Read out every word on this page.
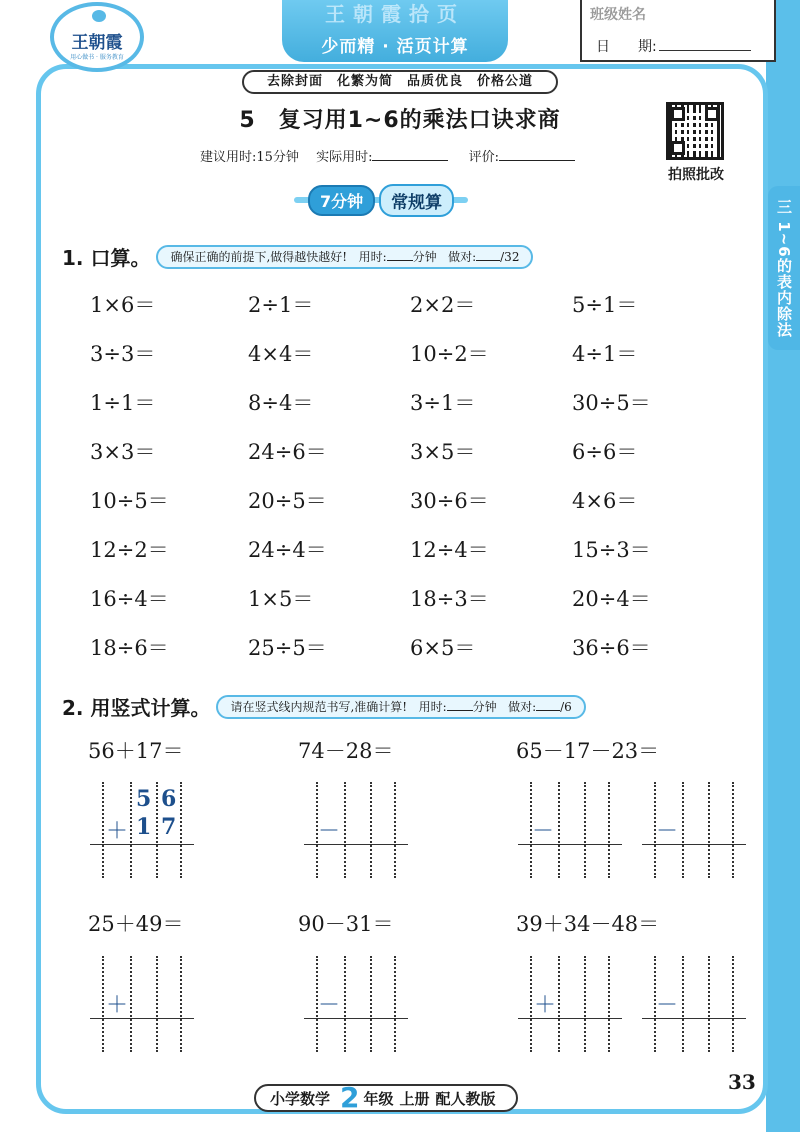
王朝霞拾页
少而精 · 活页计算
王朝霞
用心做书 · 服务教育
班级姓名
日　　期:
去除封面　化繁为简　品质优良　价格公道
5　复习用1~6的乘法口诀求商
建议用时:15分钟　 实际用时:	评价:
拍照批改
三 1~6的表内除法
7分钟	常规算
1. 口算。	确保正确的前提下,做得越快越好! 用时: 分钟 做对: /32
1×6＝	2÷1＝	2×2＝	5÷1＝
3÷3＝	4×4＝	10÷2＝	4÷1＝
1÷1＝	8÷4＝	3÷1＝	30÷5＝
3×3＝	24÷6＝	3×5＝	6÷6＝
10÷5＝	20÷5＝	30÷6＝	4×6＝
12÷2＝	24÷4＝	12÷4＝	15÷3＝
16÷4＝	1×5＝	18÷3＝	20÷4＝
18÷6＝	25÷5＝	6×5＝	36÷6＝
2. 用竖式计算。	请在竖式线内规范书写,准确计算! 用时: 分钟 做对: /6
56＋17＝	74－28＝	65－17－23＝
5 6
＋ 1 7	－	－	－
25＋49＝	90－31＝	39＋34－48＝
＋	－	＋	－
小学数学 2 年级 上册 配人教版
33
